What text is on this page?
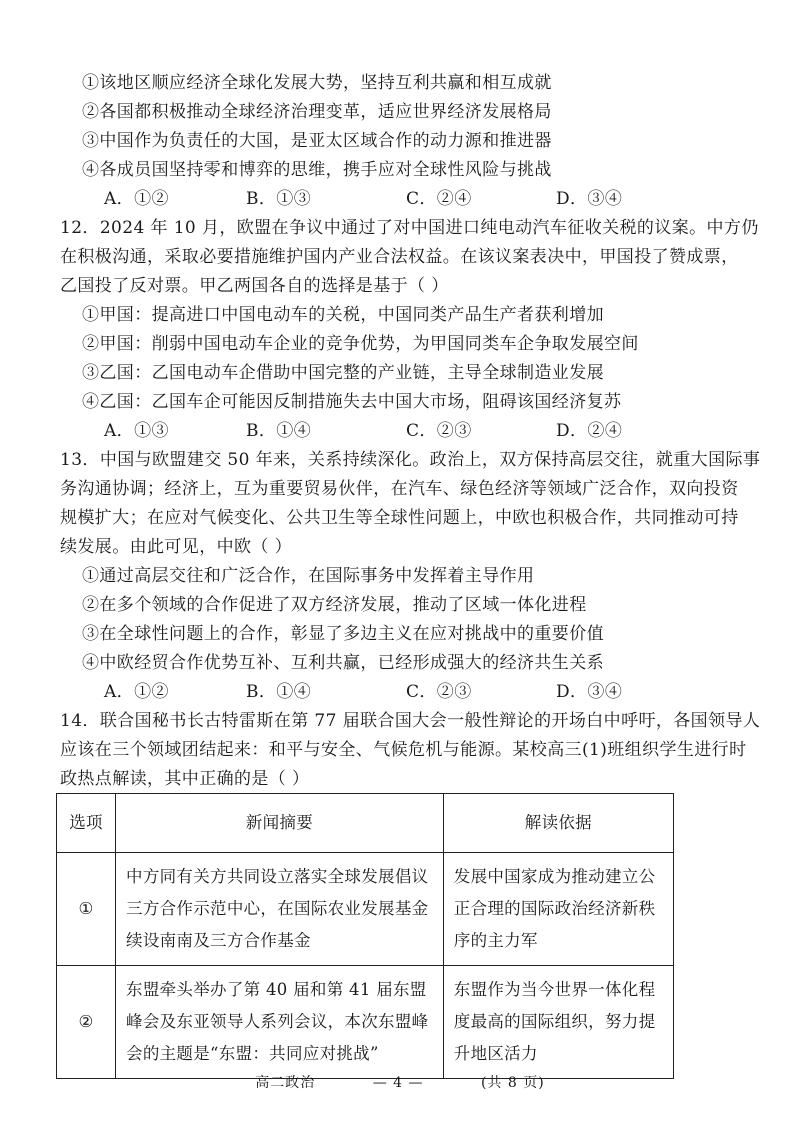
①该地区顺应经济全球化发展大势，坚持互利共赢和相互成就
②各国都积极推动全球经济治理变革，适应世界经济发展格局
③中国作为负责任的大国，是亚太区域合作的动力源和推进器
④各成员国坚持零和博弈的思维，携手应对全球性风险与挑战
A．①②	B．①③	C．②④	D．③④
12．2024 年 10 月，欧盟在争议中通过了对中国进口纯电动汽车征收关税的议案。中方仍
在积极沟通，采取必要措施维护国内产业合法权益。在该议案表决中，甲国投了赞成票，
乙国投了反对票。甲乙两国各自的选择是基于（ ）
①甲国：提高进口中国电动车的关税，中国同类产品生产者获利增加
②甲国：削弱中国电动车企业的竞争优势，为甲国同类车企争取发展空间
③乙国：乙国电动车企借助中国完整的产业链，主导全球制造业发展
④乙国：乙国车企可能因反制措施失去中国大市场，阻碍该国经济复苏
A．①③	B．①④	C．②③	D．②④
13．中国与欧盟建交 50 年来，关系持续深化。政治上，双方保持高层交往，就重大国际事
务沟通协调；经济上，互为重要贸易伙伴，在汽车、绿色经济等领域广泛合作，双向投资
规模扩大；在应对气候变化、公共卫生等全球性问题上，中欧也积极合作，共同推动可持
续发展。由此可见，中欧（ ）
①通过高层交往和广泛合作，在国际事务中发挥着主导作用
②在多个领域的合作促进了双方经济发展，推动了区域一体化进程
③在全球性问题上的合作，彰显了多边主义在应对挑战中的重要价值
④中欧经贸合作优势互补、互利共赢，已经形成强大的经济共生关系
A．①②	B．①④	C．②③	D．③④
14．联合国秘书长古特雷斯在第 77 届联合国大会一般性辩论的开场白中呼吁，各国领导人
应该在三个领域团结起来：和平与安全、气候危机与能源。某校高三(1)班组织学生进行时
政热点解读，其中正确的是（ ）
选项	新闻摘要	解读依据
①	中方同有关方共同设立落实全球发展倡议三方合作示范中心，在国际农业发展基金续设南南及三方合作基金	发展中国家成为推动建立公正合理的国际政治经济新秩序的主力军
②	东盟牵头举办了第 40 届和第 41 届东盟峰会及东亚领导人系列会议，本次东盟峰会的主题是“东盟：共同应对挑战”	东盟作为当今世界一体化程度最高的国际组织，努力提升地区活力
高二政治	— 4 —	(共 8 页)
